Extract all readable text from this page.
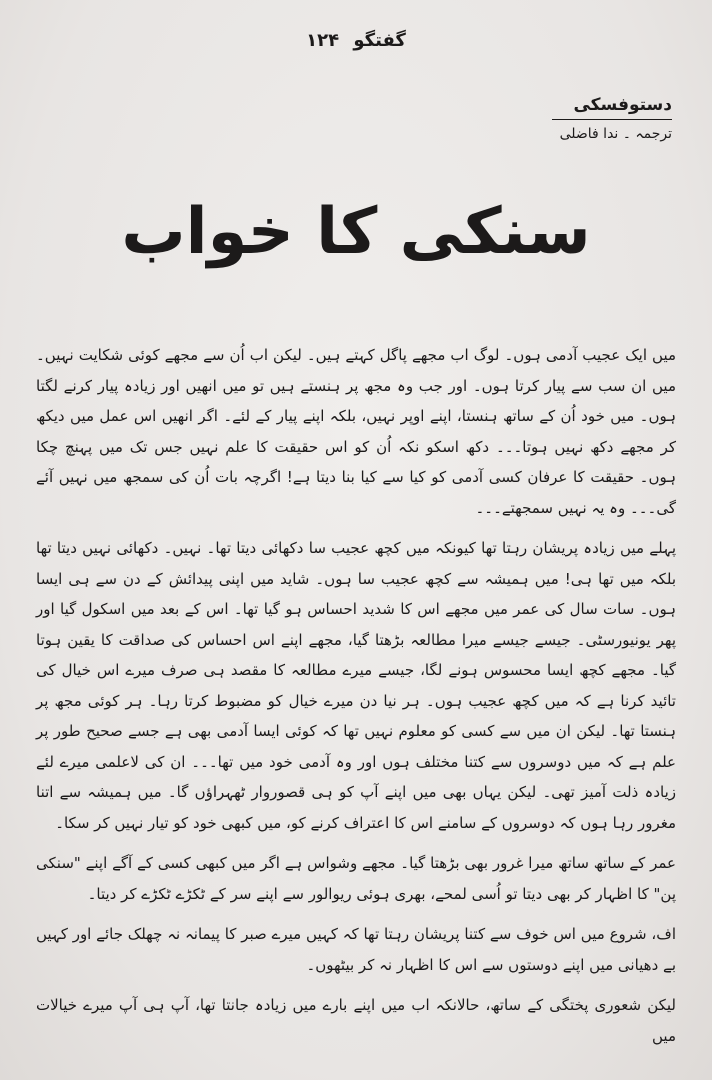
گفتگو ۱۲۴
دستوفسکی
ترجمہ ۔ ندا فاضلی
سنکی کا خواب

میں ایک عجیب آدمی ہوں۔ لوگ اب مجھے پاگل کہتے ہیں۔ لیکن اب اُن سے مجھے کوئی شکایت نہیں۔ میں ان سب سے پیار کرتا ہوں۔ اور جب وہ مجھ پر ہنستے ہیں تو میں انھیں اور زیادہ پیار کرنے لگتا ہوں۔ میں خود اُن کے ساتھ ہنستا، اپنے اوپر نہیں، بلکہ اپنے پیار کے لئے۔ اگر انھیں اس عمل میں دیکھ کر مجھے دکھ نہیں ہوتا۔۔۔ دکھ اسکو نکہ اُن کو اس حقیقت کا علم نہیں جس تک میں پہنچ چکا ہوں۔ حقیقت کا عرفان کسی آدمی کو کیا سے کیا بنا دیتا ہے! اگرچہ بات اُن کی سمجھ میں نہیں آئے گی۔۔۔ وہ یہ نہیں سمجھتے۔۔۔

پہلے میں زیادہ پریشان رہتا تھا کیونکہ میں کچھ عجیب سا دکھائی دیتا تھا۔ نہیں۔ دکھائی نہیں دیتا تھا بلکہ میں تھا ہی! میں ہمیشہ سے کچھ عجیب سا ہوں۔ شاید میں اپنی پیدائش کے دن سے ہی ایسا ہوں۔ سات سال کی عمر میں مجھے اس کا شدید احساس ہو گیا تھا۔ اس کے بعد میں اسکول گیا اور پھر یونیورسٹی۔ جیسے جیسے میرا مطالعہ بڑھتا گیا، مجھے اپنے اس احساس کی صداقت کا یقین ہوتا گیا۔ مجھے کچھ ایسا محسوس ہونے لگا، جیسے میرے مطالعہ کا مقصد ہی صرف میرے اس خیال کی تائید کرنا ہے کہ میں کچھ عجیب ہوں۔ ہر نیا دن میرے خیال کو مضبوط کرتا رہا۔ ہر کوئی مجھ پر ہنستا تھا۔ لیکن ان میں سے کسی کو معلوم نہیں تھا کہ کوئی ایسا آدمی بھی ہے جسے صحیح طور پر علم ہے کہ میں دوسروں سے کتنا مختلف ہوں اور وہ آدمی خود میں تھا۔۔۔ ان کی لاعلمی میرے لئے زیادہ ذلت آمیز تھی۔ لیکن یہاں بھی میں اپنے آپ کو ہی قصوروار ٹھہراؤں گا۔ میں ہمیشہ سے اتنا مغرور رہا ہوں کہ دوسروں کے سامنے اس کا اعتراف کرنے کو، میں کبھی خود کو تیار نہیں کر سکا۔

عمر کے ساتھ ساتھ میرا غرور بھی بڑھتا گیا۔ مجھے وشواس ہے اگر میں کبھی کسی کے آگے اپنے "سنکی پن" کا اظہار کر بھی دیتا تو اُسی لمحے، بھری ہوئی ریوالور سے اپنے سر کے ٹکڑے ٹکڑے کر دیتا۔

اف، شروع میں اس خوف سے کتنا پریشان رہتا تھا کہ کہیں میرے صبر کا پیمانہ نہ چھلک جائے اور کہیں بے دھیانی میں اپنے دوستوں سے اس کا اظہار نہ کر بیٹھوں۔

لیکن شعوری پختگی کے ساتھ، حالانکہ اب میں اپنے بارے میں زیادہ جانتا تھا، آپ ہی آپ میرے خیالات میں
